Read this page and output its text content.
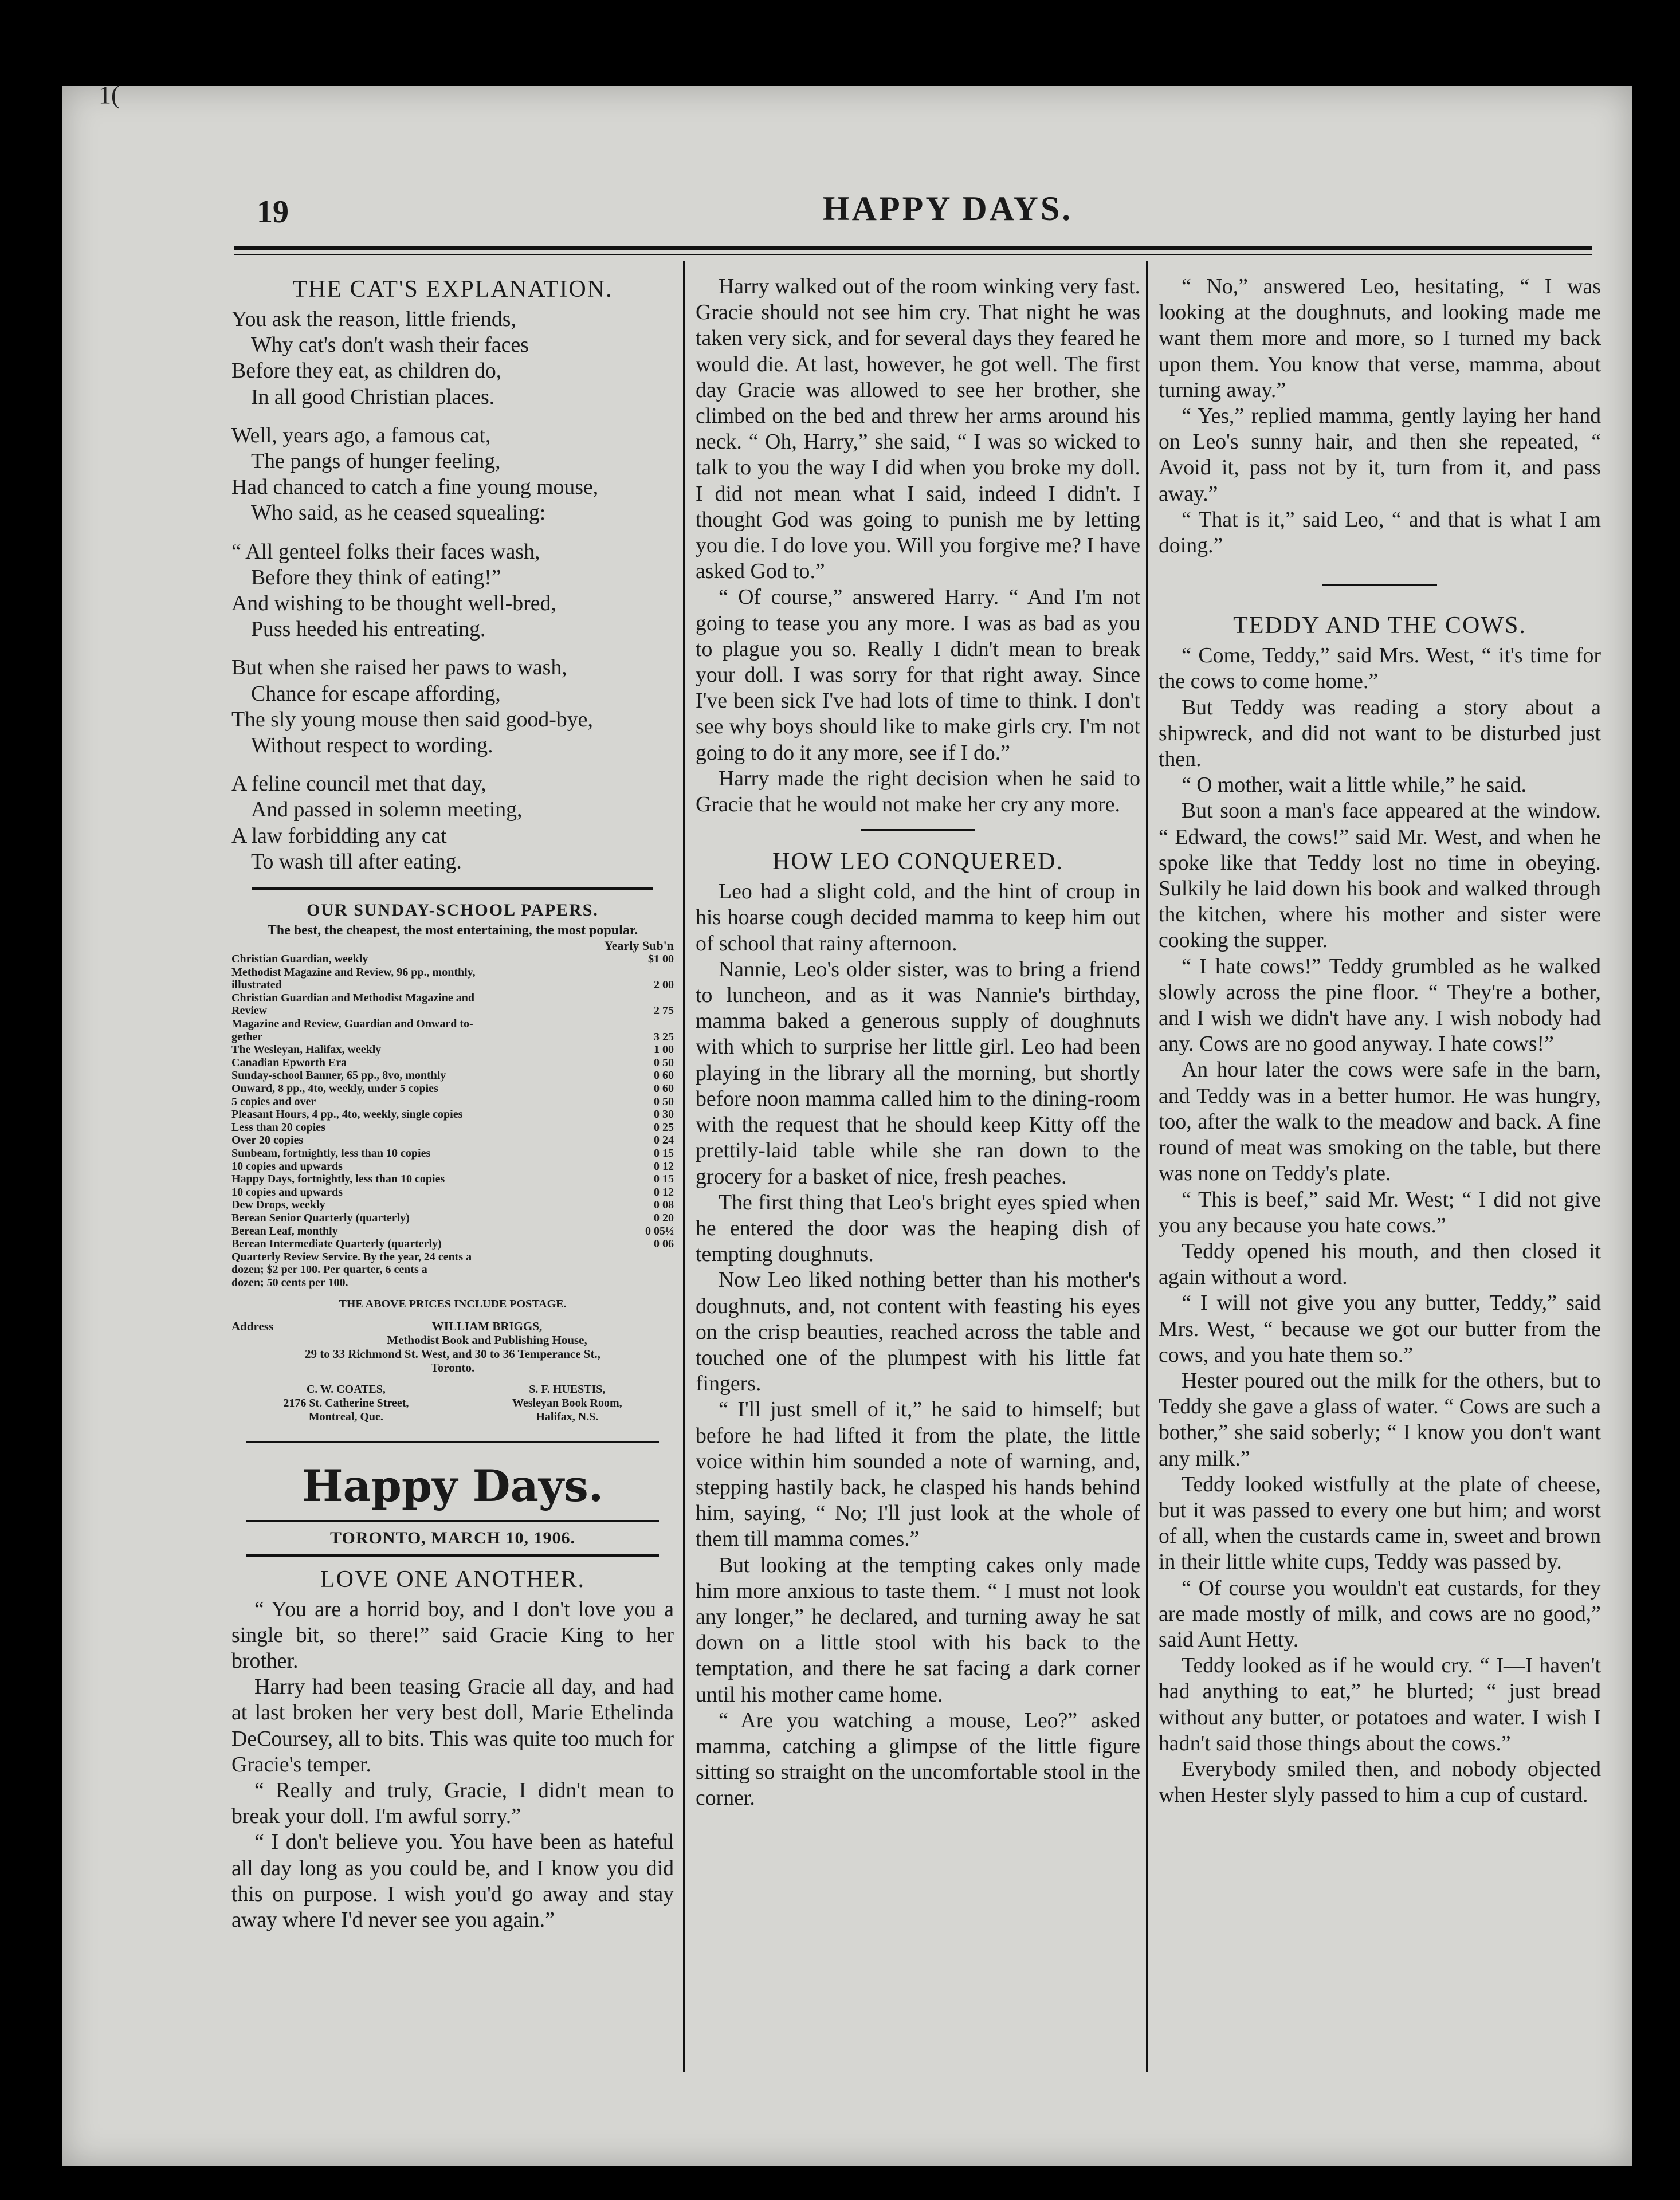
1(
19	HAPPY DAYS.
THE CAT'S EXPLANATION.
You ask the reason, little friends,
Why cat's don't wash their faces
Before they eat, as children do,
In all good Christian places.
Well, years ago, a famous cat,
The pangs of hunger feeling,
Had chanced to catch a fine young mouse,
Who said, as he ceased squealing:
“ All genteel folks their faces wash,
Before they think of eating!”
And wishing to be thought well-bred,
Puss heeded his entreating.
But when she raised her paws to wash,
Chance for escape affording,
The sly young mouse then said good-bye,
Without respect to wording.
A feline council met that day,
And passed in solemn meeting,
A law forbidding any cat
To wash till after eating.
OUR SUNDAY-SCHOOL PAPERS.
The best, the cheapest, the most entertaining, the most popular.
Yearly Sub'n
Christian Guardian, weekly	$1 00
Methodist Magazine and Review, 96 pp., monthly,
illustrated	2 00
Christian Guardian and Methodist Magazine and
Review	2 75
Magazine and Review, Guardian and Onward to-
gether	3 25
The Wesleyan, Halifax, weekly	1 00
Canadian Epworth Era	0 50
Sunday-school Banner, 65 pp., 8vo, monthly	0 60
Onward, 8 pp., 4to, weekly, under 5 copies	0 60
5 copies and over	0 50
Pleasant Hours, 4 pp., 4to, weekly, single copies	0 30
Less than 20 copies	0 25
Over 20 copies	0 24
Sunbeam, fortnightly, less than 10 copies	0 15
10 copies and upwards	0 12
Happy Days, fortnightly, less than 10 copies	0 15
10 copies and upwards	0 12
Dew Drops, weekly	0 08
Berean Senior Quarterly (quarterly)	0 20
Berean Leaf, monthly	0 05½
Berean Intermediate Quarterly (quarterly)	0 06
Quarterly Review Service. By the year, 24 cents a
dozen; $2 per 100. Per quarter, 6 cents a
dozen; 50 cents per 100.
THE ABOVE PRICES INCLUDE POSTAGE.
Address	WILLIAM BRIGGS,
Methodist Book and Publishing House,
29 to 33 Richmond St. West, and 30 to 36 Temperance St.,
Toronto.
C. W. COATES,
2176 St. Catherine Street,
Montreal, Que.
S. F. HUESTIS,
Wesleyan Book Room,
Halifax, N.S.
Happy Days.
TORONTO, MARCH 10, 1906.
LOVE ONE ANOTHER.

“ You are a horrid boy, and I don't love you a single bit, so there!” said Gracie King to her brother.

Harry had been teasing Gracie all day, and had at last broken her very best doll, Marie Ethelinda DeCoursey, all to bits. This was quite too much for Gracie's temper.

“ Really and truly, Gracie, I didn't mean to break your doll. I'm awful sorry.”

“ I don't believe you. You have been as hateful all day long as you could be, and I know you did this on purpose. I wish you'd go away and stay away where I'd never see you again.”

Harry walked out of the room winking very fast. Gracie should not see him cry. That night he was taken very sick, and for several days they feared he would die. At last, however, he got well. The first day Gracie was allowed to see her brother, she climbed on the bed and threw her arms around his neck. “ Oh, Harry,” she said, “ I was so wicked to talk to you the way I did when you broke my doll. I did not mean what I said, indeed I didn't. I thought God was going to punish me by letting you die. I do love you. Will you forgive me? I have asked God to.”

“ Of course,” answered Harry. “ And I'm not going to tease you any more. I was as bad as you to plague you so. Really I didn't mean to break your doll. I was sorry for that right away. Since I've been sick I've had lots of time to think. I don't see why boys should like to make girls cry. I'm not going to do it any more, see if I do.”

Harry made the right decision when he said to Gracie that he would not make her cry any more.

HOW LEO CONQUERED.

Leo had a slight cold, and the hint of croup in his hoarse cough decided mamma to keep him out of school that rainy afternoon.

Nannie, Leo's older sister, was to bring a friend to luncheon, and as it was Nannie's birthday, mamma baked a generous supply of doughnuts with which to surprise her little girl. Leo had been playing in the library all the morning, but shortly before noon mamma called him to the dining-room with the request that he should keep Kitty off the prettily-laid table while she ran down to the grocery for a basket of nice, fresh peaches.

The first thing that Leo's bright eyes spied when he entered the door was the heaping dish of tempting doughnuts.

Now Leo liked nothing better than his mother's doughnuts, and, not content with feasting his eyes on the crisp beauties, reached across the table and touched one of the plumpest with his little fat fingers.

“ I'll just smell of it,” he said to himself; but before he had lifted it from the plate, the little voice within him sounded a note of warning, and, stepping hastily back, he clasped his hands behind him, saying, “ No; I'll just look at the whole of them till mamma comes.”

But looking at the tempting cakes only made him more anxious to taste them. “ I must not look any longer,” he declared, and turning away he sat down on a little stool with his back to the temptation, and there he sat facing a dark corner until his mother came home.

“ Are you watching a mouse, Leo?” asked mamma, catching a glimpse of the little figure sitting so straight on the uncomfortable stool in the corner.

“ No,” answered Leo, hesitating, “ I was looking at the doughnuts, and looking made me want them more and more, so I turned my back upon them. You know that verse, mamma, about turning away.”

“ Yes,” replied mamma, gently laying her hand on Leo's sunny hair, and then she repeated, “ Avoid it, pass not by it, turn from it, and pass away.”

“ That is it,” said Leo, “ and that is what I am doing.”

TEDDY AND THE COWS.

“ Come, Teddy,” said Mrs. West, “ it's time for the cows to come home.”

But Teddy was reading a story about a shipwreck, and did not want to be disturbed just then.

“ O mother, wait a little while,” he said.

But soon a man's face appeared at the window. “ Edward, the cows!” said Mr. West, and when he spoke like that Teddy lost no time in obeying. Sulkily he laid down his book and walked through the kitchen, where his mother and sister were cooking the supper.

“ I hate cows!” Teddy grumbled as he walked slowly across the pine floor. “ They're a bother, and I wish we didn't have any. I wish nobody had any. Cows are no good anyway. I hate cows!”

An hour later the cows were safe in the barn, and Teddy was in a better humor. He was hungry, too, after the walk to the meadow and back. A fine round of meat was smoking on the table, but there was none on Teddy's plate.

“ This is beef,” said Mr. West; “ I did not give you any because you hate cows.”

Teddy opened his mouth, and then closed it again without a word.

“ I will not give you any butter, Teddy,” said Mrs. West, “ because we got our butter from the cows, and you hate them so.”

Hester poured out the milk for the others, but to Teddy she gave a glass of water. “ Cows are such a bother,” she said soberly; “ I know you don't want any milk.”

Teddy looked wistfully at the plate of cheese, but it was passed to every one but him; and worst of all, when the custards came in, sweet and brown in their little white cups, Teddy was passed by.

“ Of course you wouldn't eat custards, for they are made mostly of milk, and cows are no good,” said Aunt Hetty.

Teddy looked as if he would cry. “ I—I haven't had anything to eat,” he blurted; “ just bread without any butter, or potatoes and water. I wish I hadn't said those things about the cows.”

Everybody smiled then, and nobody objected when Hester slyly passed to him a cup of custard.
